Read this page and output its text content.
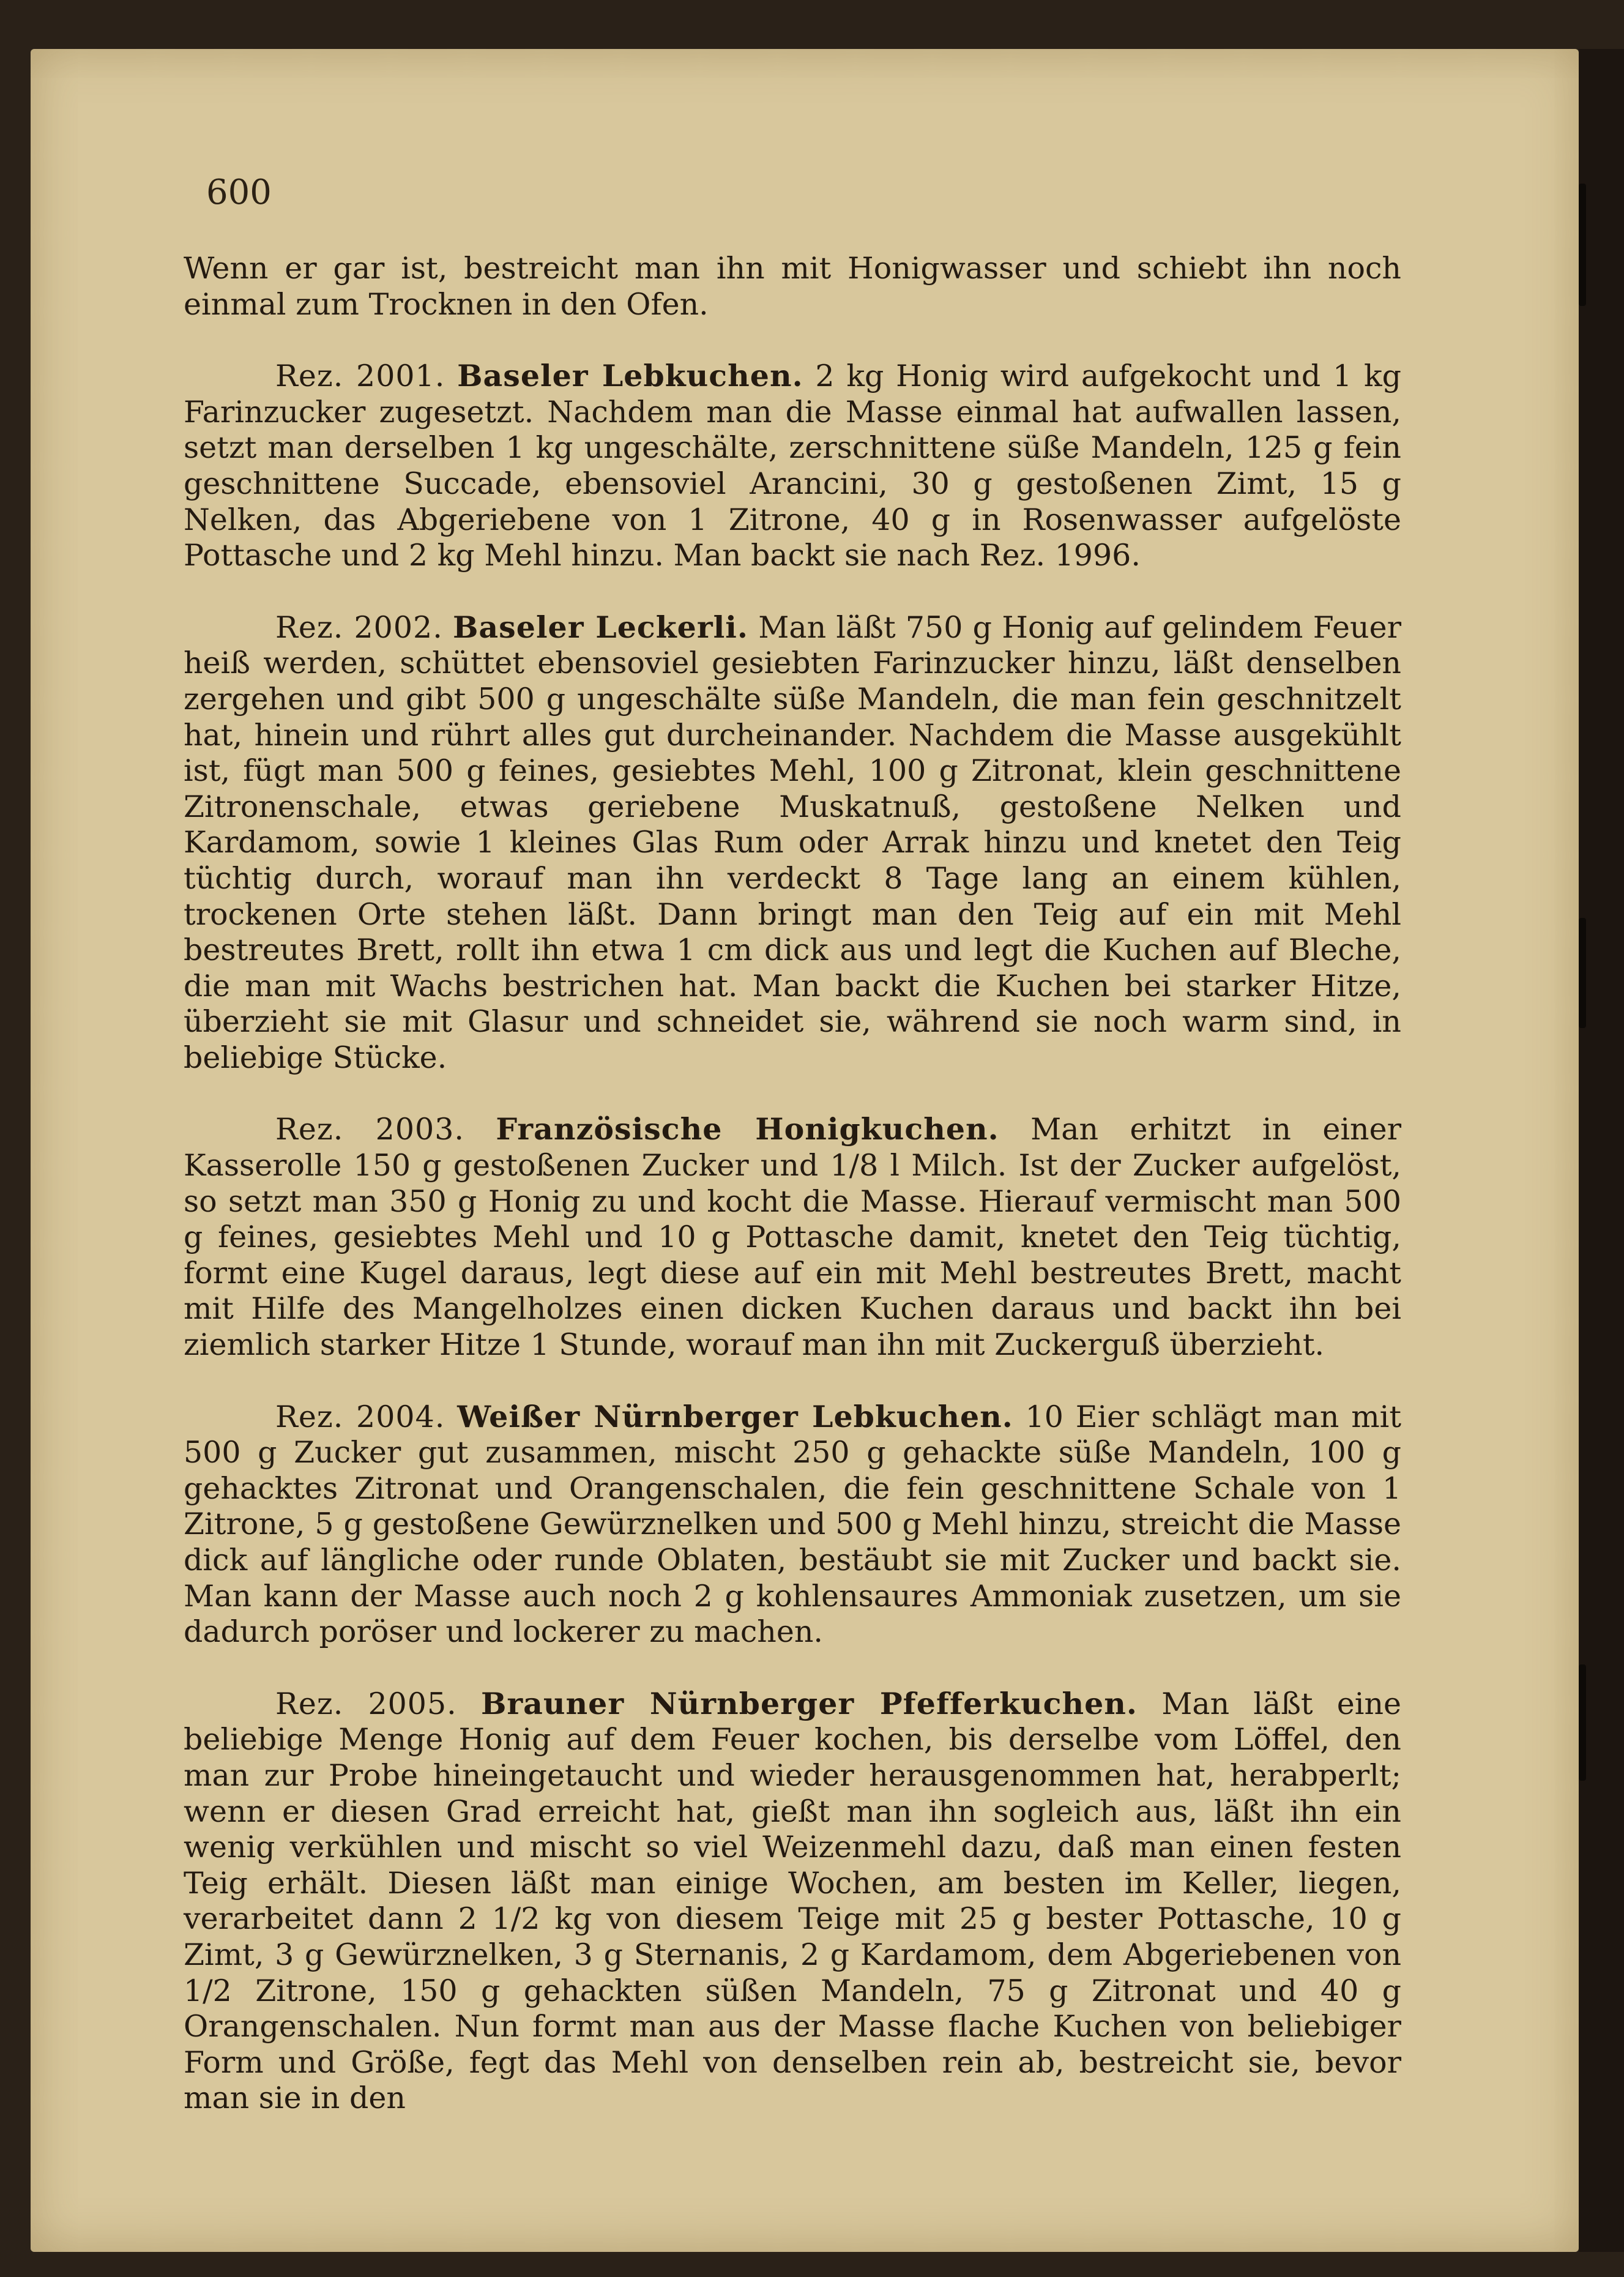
600

Wenn er gar ist, bestreicht man ihn mit Honigwasser und schiebt ihn noch einmal zum Trocknen in den Ofen.

Rez. 2001. Baseler Lebkuchen. 2 kg Honig wird aufgekocht und 1 kg Farinzucker zugesetzt. Nachdem man die Masse einmal hat aufwallen lassen, setzt man derselben 1 kg ungeschälte, zerschnittene süße Mandeln, 125 g fein geschnittene Succade, ebensoviel Arancini, 30 g gestoßenen Zimt, 15 g Nelken, das Abgeriebene von 1 Zitrone, 40 g in Rosenwasser aufgelöste Pottasche und 2 kg Mehl hinzu. Man backt sie nach Rez. 1996.

Rez. 2002. Baseler Leckerli. Man läßt 750 g Honig auf gelindem Feuer heiß werden, schüttet ebensoviel gesiebten Farinzucker hinzu, läßt denselben zergehen und gibt 500 g ungeschälte süße Mandeln, die man fein geschnitzelt hat, hinein und rührt alles gut durcheinander. Nachdem die Masse ausgekühlt ist, fügt man 500 g feines, gesiebtes Mehl, 100 g Zitronat, klein geschnittene Zitronenschale, etwas geriebene Muskatnuß, gestoßene Nelken und Kardamom, sowie 1 kleines Glas Rum oder Arrak hinzu und knetet den Teig tüchtig durch, worauf man ihn verdeckt 8 Tage lang an einem kühlen, trockenen Orte stehen läßt. Dann bringt man den Teig auf ein mit Mehl bestreutes Brett, rollt ihn etwa 1 cm dick aus und legt die Kuchen auf Bleche, die man mit Wachs bestrichen hat. Man backt die Kuchen bei starker Hitze, überzieht sie mit Glasur und schneidet sie, während sie noch warm sind, in beliebige Stücke.

Rez. 2003. Französische Honigkuchen. Man erhitzt in einer Kasserolle 150 g gestoßenen Zucker und 1/8 l Milch. Ist der Zucker aufgelöst, so setzt man 350 g Honig zu und kocht die Masse. Hierauf vermischt man 500 g feines, gesiebtes Mehl und 10 g Pottasche damit, knetet den Teig tüchtig, formt eine Kugel daraus, legt diese auf ein mit Mehl bestreutes Brett, macht mit Hilfe des Mangelholzes einen dicken Kuchen daraus und backt ihn bei ziemlich starker Hitze 1 Stunde, worauf man ihn mit Zuckerguß überzieht.

Rez. 2004. Weißer Nürnberger Lebkuchen. 10 Eier schlägt man mit 500 g Zucker gut zusammen, mischt 250 g gehackte süße Mandeln, 100 g gehacktes Zitronat und Orangenschalen, die fein geschnittene Schale von 1 Zitrone, 5 g gestoßene Gewürznelken und 500 g Mehl hinzu, streicht die Masse dick auf längliche oder runde Oblaten, bestäubt sie mit Zucker und backt sie. Man kann der Masse auch noch 2 g kohlensaures Ammoniak zusetzen, um sie dadurch poröser und lockerer zu machen.

Rez. 2005. Brauner Nürnberger Pfefferkuchen. Man läßt eine beliebige Menge Honig auf dem Feuer kochen, bis derselbe vom Löffel, den man zur Probe hineingetaucht und wieder herausgenommen hat, herabperlt; wenn er diesen Grad erreicht hat, gießt man ihn sogleich aus, läßt ihn ein wenig verkühlen und mischt so viel Weizenmehl dazu, daß man einen festen Teig erhält. Diesen läßt man einige Wochen, am besten im Keller, liegen, verarbeitet dann 2 1/2 kg von diesem Teige mit 25 g bester Pottasche, 10 g Zimt, 3 g Gewürznelken, 3 g Sternanis, 2 g Kardamom, dem Abgeriebenen von 1/2 Zitrone, 150 g gehackten süßen Mandeln, 75 g Zitronat und 40 g Orangenschalen. Nun formt man aus der Masse flache Kuchen von beliebiger Form und Größe, fegt das Mehl von denselben rein ab, bestreicht sie, bevor man sie in den
